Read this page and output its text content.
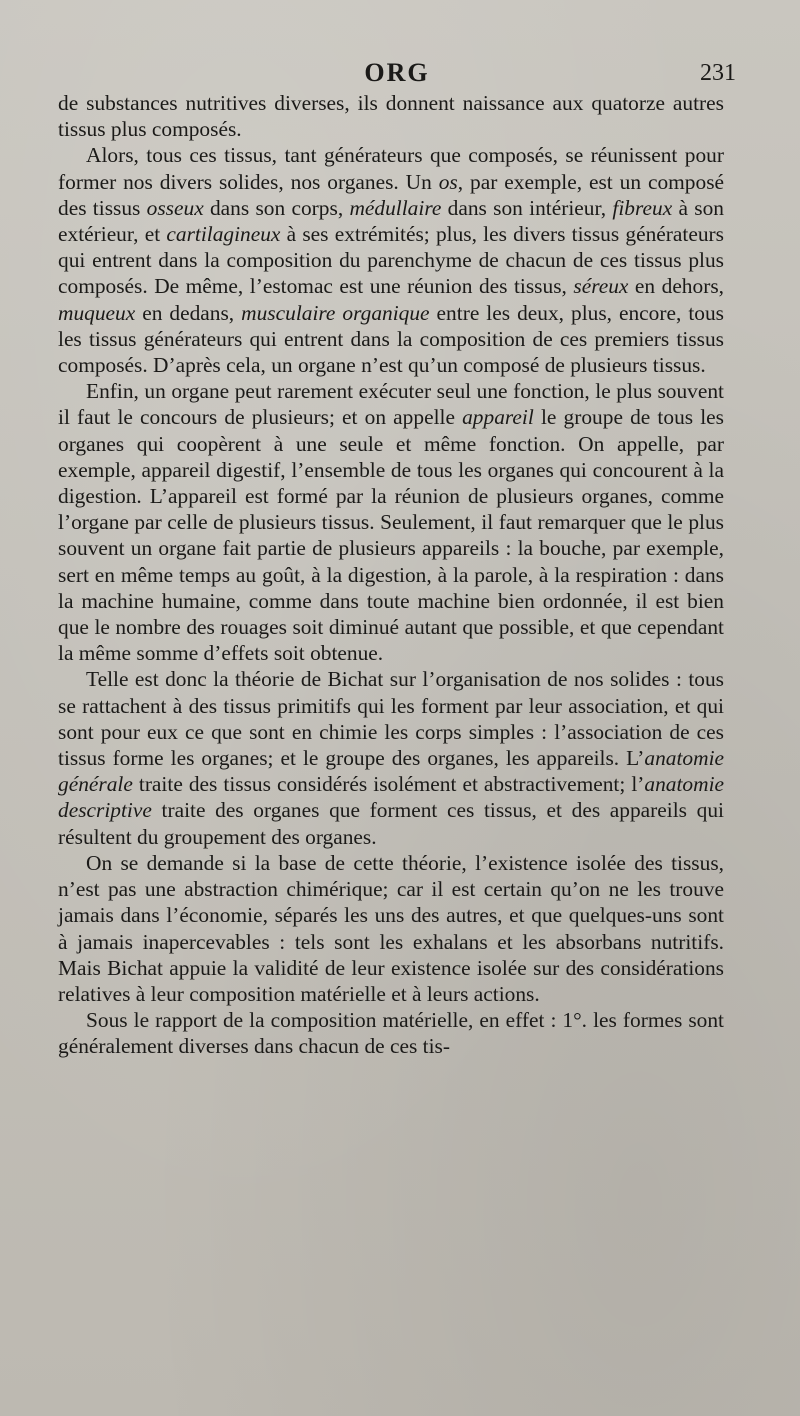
ORG	231

de substances nutritives diverses, ils donnent naissance aux quatorze autres tissus plus composés.

Alors, tous ces tissus, tant générateurs que composés, se réunissent pour former nos divers solides, nos organes. Un os, par exemple, est un composé des tissus osseux dans son corps, médullaire dans son intérieur, fibreux à son extérieur, et cartilagineux à ses extrémités; plus, les divers tissus générateurs qui entrent dans la composition du parenchyme de chacun de ces tissus plus composés. De même, l’estomac est une réunion des tissus, séreux en dehors, muqueux en dedans, musculaire organique entre les deux, plus, encore, tous les tissus générateurs qui entrent dans la composition de ces premiers tissus composés. D’après cela, un organe n’est qu’un composé de plusieurs tissus.

Enfin, un organe peut rarement exécuter seul une fonction, le plus souvent il faut le concours de plusieurs; et on appelle appareil le groupe de tous les organes qui coopèrent à une seule et même fonction. On appelle, par exemple, appareil digestif, l’ensemble de tous les organes qui concourent à la digestion. L’appareil est formé par la réunion de plusieurs organes, comme l’organe par celle de plusieurs tissus. Seulement, il faut remarquer que le plus souvent un organe fait partie de plusieurs appareils : la bouche, par exemple, sert en même temps au goût, à la digestion, à la parole, à la respiration : dans la machine humaine, comme dans toute machine bien ordonnée, il est bien que le nombre des rouages soit diminué autant que possible, et que cependant la même somme d’effets soit obtenue.

Telle est donc la théorie de Bichat sur l’organisation de nos solides : tous se rattachent à des tissus primitifs qui les forment par leur association, et qui sont pour eux ce que sont en chimie les corps simples : l’association de ces tissus forme les organes; et le groupe des organes, les appareils. L’anatomie générale traite des tissus considérés isolément et abstractivement; l’anatomie descriptive traite des organes que forment ces tissus, et des appareils qui résultent du groupement des organes.

On se demande si la base de cette théorie, l’existence isolée des tissus, n’est pas une abstraction chimérique; car il est certain qu’on ne les trouve jamais dans l’économie, séparés les uns des autres, et que quelques-uns sont à jamais inapercevables : tels sont les exhalans et les absorbans nutritifs. Mais Bichat appuie la validité de leur existence isolée sur des considérations relatives à leur composition matérielle et à leurs actions.

Sous le rapport de la composition matérielle, en effet : 1°. les formes sont généralement diverses dans chacun de ces tis-
